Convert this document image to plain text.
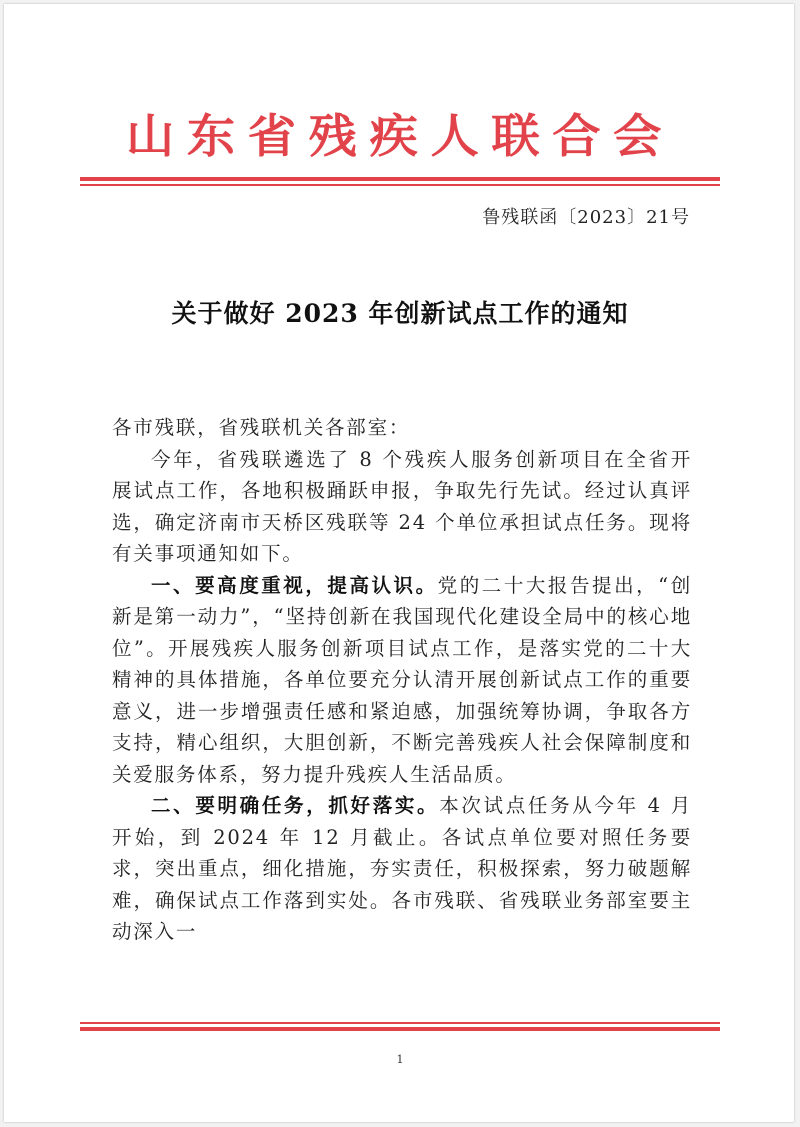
山东省残疾人联合会
鲁残联函〔2023〕21号
关于做好 2023 年创新试点工作的通知

各市残联，省残联机关各部室：

今年，省残联遴选了 8 个残疾人服务创新项目在全省开展试点工作，各地积极踊跃申报，争取先行先试。经过认真评选，确定济南市天桥区残联等 24 个单位承担试点任务。现将有关事项通知如下。

一、要高度重视，提高认识。党的二十大报告提出，“创新是第一动力”，“坚持创新在我国现代化建设全局中的核心地位”。开展残疾人服务创新项目试点工作，是落实党的二十大精神的具体措施，各单位要充分认清开展创新试点工作的重要意义，进一步增强责任感和紧迫感，加强统筹协调，争取各方支持，精心组织，大胆创新，不断完善残疾人社会保障制度和关爱服务体系，努力提升残疾人生活品质。

二、要明确任务，抓好落实。本次试点任务从今年 4 月开始，到 2024 年 12 月截止。各试点单位要对照任务要求，突出重点，细化措施，夯实责任，积极探索，努力破题解难，确保试点工作落到实处。各市残联、省残联业务部室要主动深入一

1
